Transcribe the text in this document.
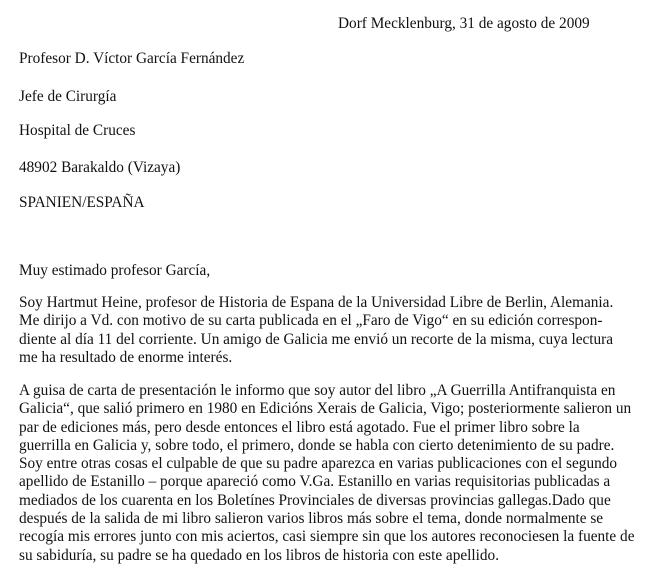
Dorf Mecklenburg, 31 de agosto de 2009
Profesor D. Víctor García Fernández
Jefe de Cirurgía
Hospital de Cruces
48902 Barakaldo (Vizaya)
SPANIEN/ESPAÑA
Muy estimado profesor García,
Soy Hartmut Heine, profesor de Historia de Espana de la Universidad Libre de Berlin, Alemania.
Me dirijo a Vd. con motivo de su carta publicada en el „Faro de Vigo“ en su edición correspon-
diente al día 11 del corriente. Un amigo de Galicia me envió un recorte de la misma, cuya lectura
me ha resultado de enorme interés.
A guisa de carta de presentación le informo que soy autor del libro „A Guerrilla Antifranquista en
Galicia“, que salió primero en 1980 en Edicións Xerais de Galicia, Vigo; posteriormente salieron un
par de ediciones más, pero desde entonces el libro está agotado. Fue el primer libro sobre la
guerrilla en Galicia y, sobre todo, el primero, donde se habla con cierto detenimiento de su padre.
Soy entre otras cosas el culpable de que su padre aparezca en varias publicaciones con el segundo
apellido de Estanillo – porque apareció como V.Ga. Estanillo en varias requisitorias publicadas a
mediados de los cuarenta en los Boletínes Provinciales de diversas provincias gallegas.Dado que
después de la salida de mi libro salieron varios libros más sobre el tema, donde normalmente se
recogía mis errores junto con mis aciertos, casi siempre sin que los autores reconociesen la fuente de
su sabiduría, su padre se ha quedado en los libros de historia con este apellido.
